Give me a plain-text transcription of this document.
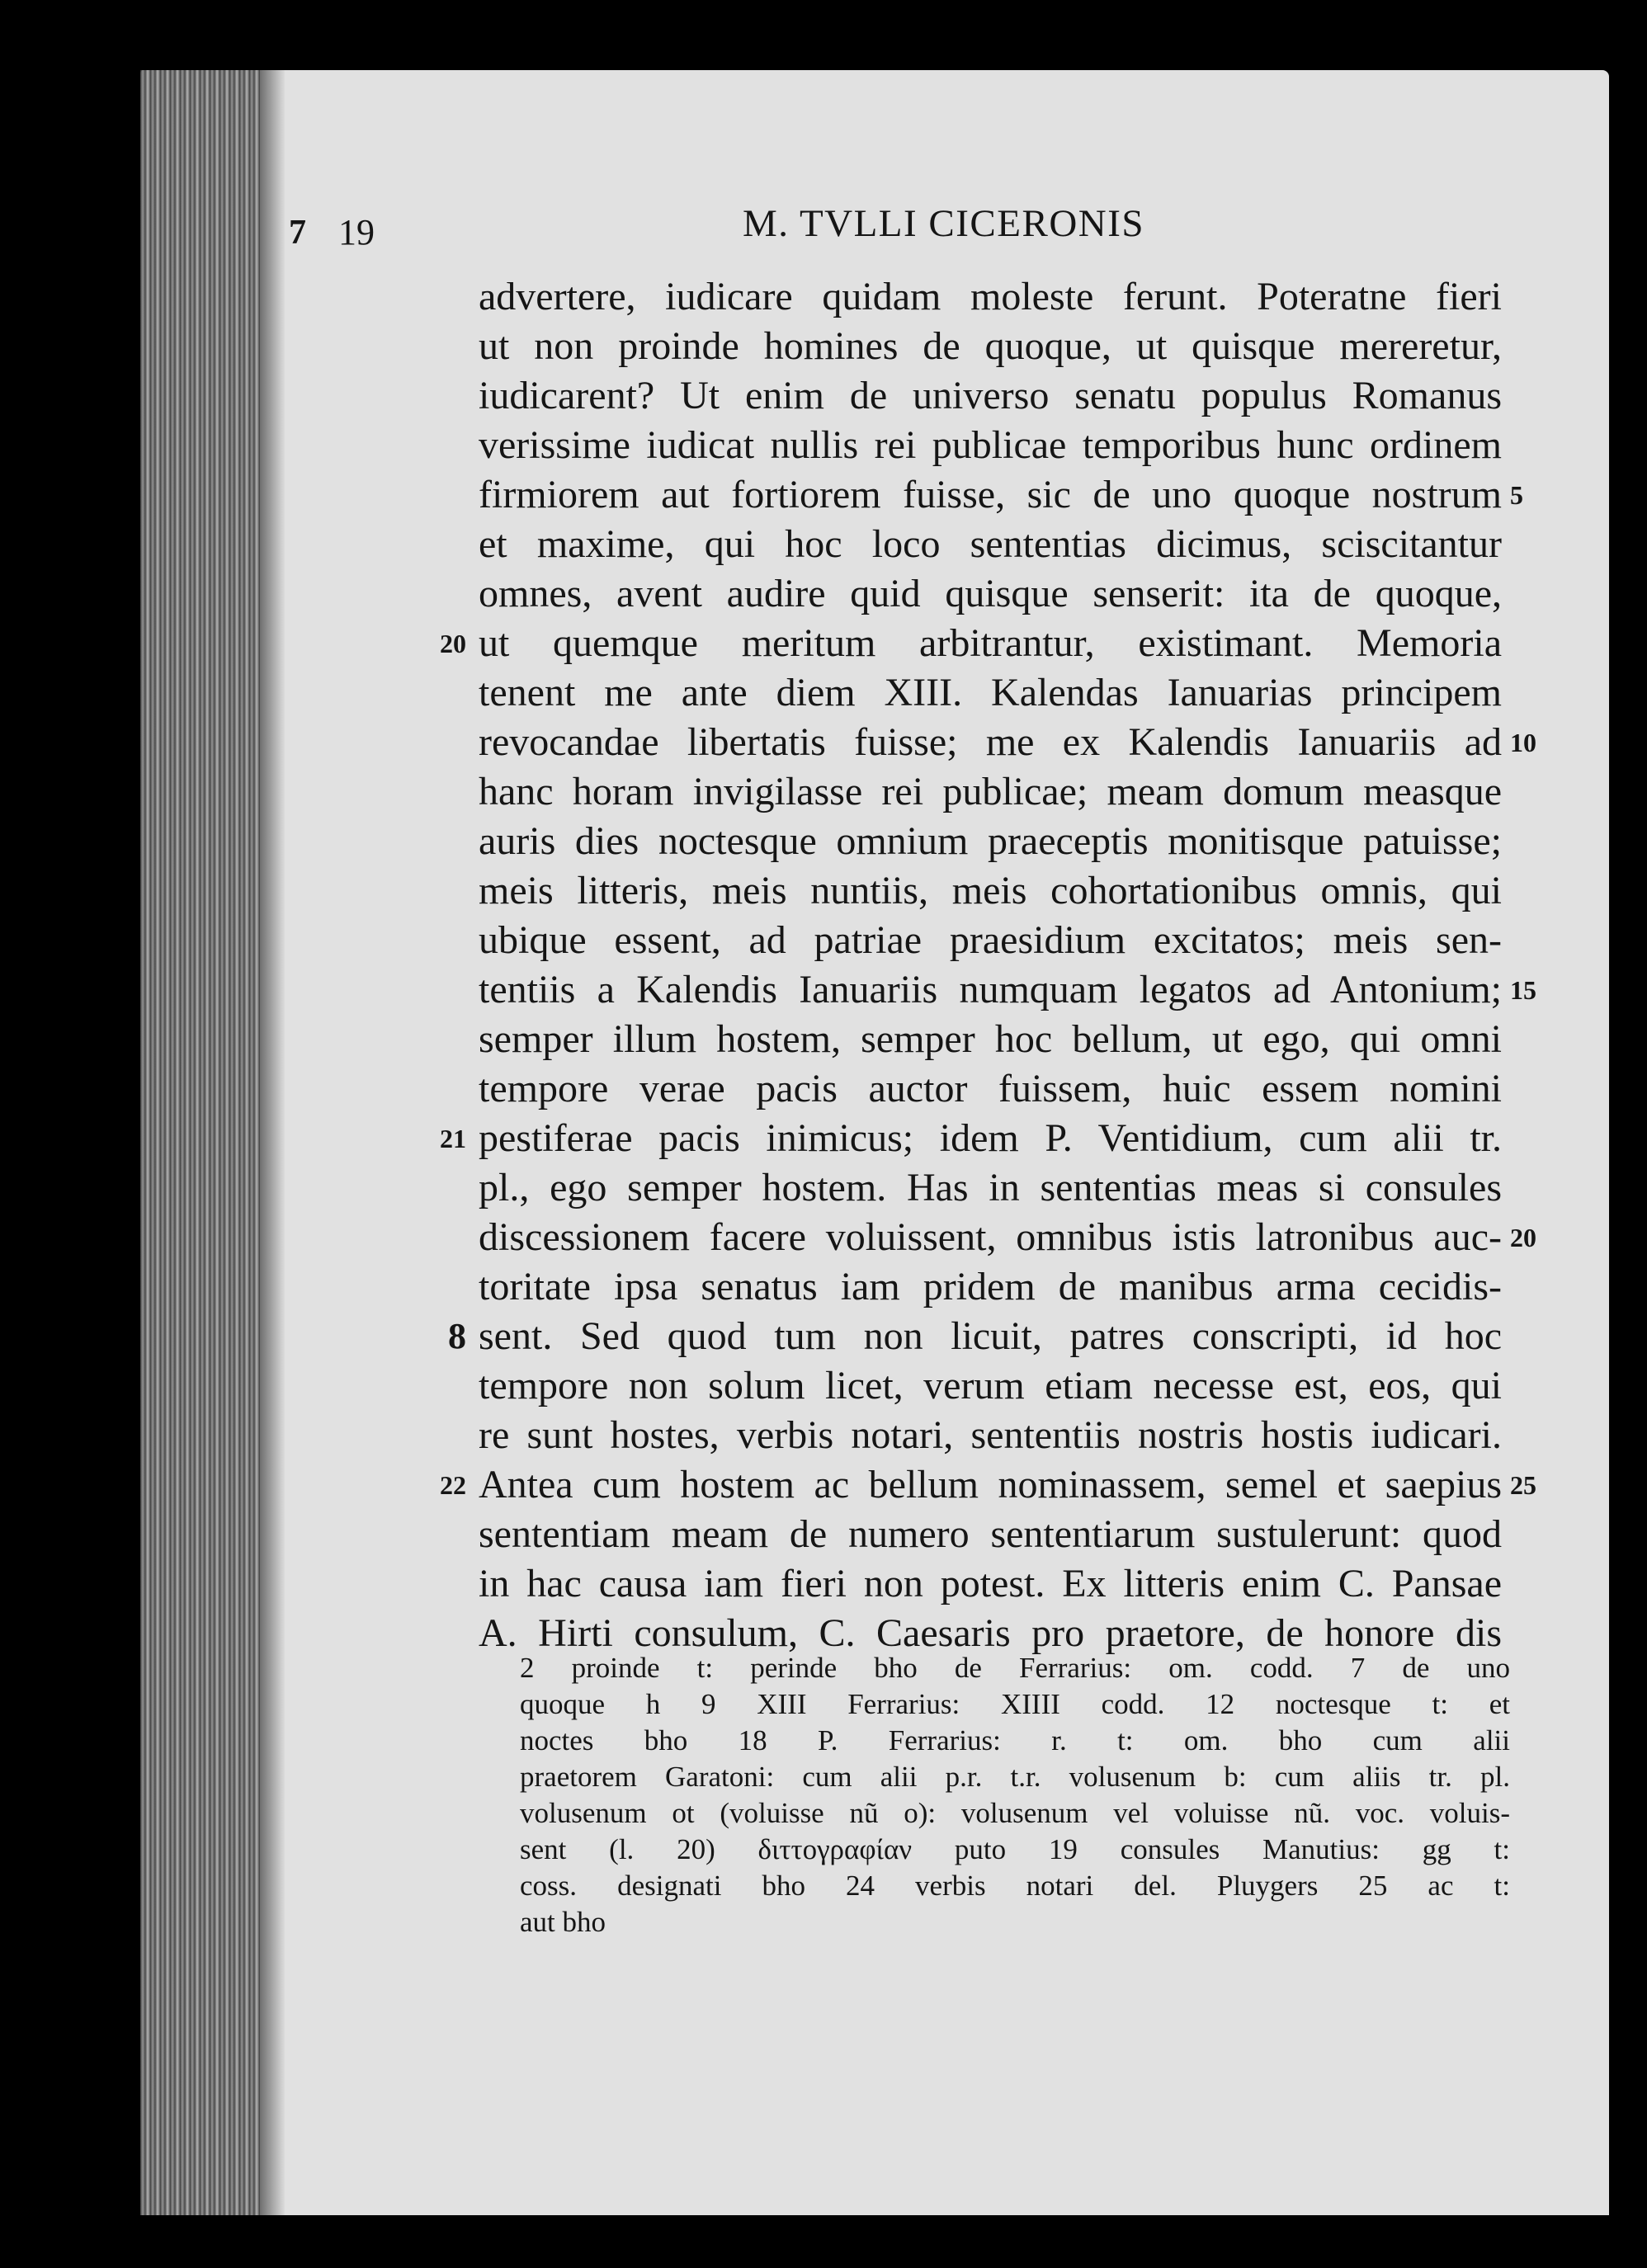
7 19	M. TVLLI CICERONIS
advertere, iudicare quidam moleste ferunt. Poteratne fieri
ut non proinde homines de quoque, ut quisque mereretur,
iudicarent? Ut enim de universo senatu populus Romanus
verissime iudicat nullis rei publicae temporibus hunc ordinem
firmiorem aut fortiorem fuisse, sic de uno quoque nostrum 5
et maxime, qui hoc loco sententias dicimus, sciscitantur
omnes, avent audire quid quisque senserit: ita de quoque,
ut quemque meritum arbitrantur, existimant. Memoria
20
tenent me ante diem XIII. Kalendas Ianuarias principem
revocandae libertatis fuisse; me ex Kalendis Ianuariis ad 10
hanc horam invigilasse rei publicae; meam domum measque
auris dies noctesque omnium praeceptis monitisque patuisse;
meis litteris, meis nuntiis, meis cohortationibus omnis, qui
ubique essent, ad patriae praesidium excitatos; meis sen-
tentiis a Kalendis Ianuariis numquam legatos ad Antonium; 15
semper illum hostem, semper hoc bellum, ut ego, qui omni
tempore verae pacis auctor fuissem, huic essem nomini
pestiferae pacis inimicus; idem P. Ventidium, cum alii tr.
21
pl., ego semper hostem. Has in sententias meas si consules
discessionem facere voluissent, omnibus istis latronibus auc- 20
toritate ipsa senatus iam pridem de manibus arma cecidis-
sent. Sed quod tum non licuit, patres conscripti, id hoc
8
tempore non solum licet, verum etiam necesse est, eos, qui
re sunt hostes, verbis notari, sententiis nostris hostis iudicari.
Antea cum hostem ac bellum nominassem, semel et saepius
22	25
sententiam meam de numero sententiarum sustulerunt: quod
in hac causa iam fieri non potest. Ex litteris enim C. Pansae
A. Hirti consulum, C. Caesaris pro praetore, de honore dis
2 proinde t: perinde bho de Ferrarius: om. codd. 7 de uno
quoque h 9 XIII Ferrarius: XIIII codd. 12 noctesque t: et
noctes bho 18 P. Ferrarius: r. t: om. bho cum alii
praetorem Garatoni: cum alii p.r. t.r. volusenum b: cum aliis tr. pl.
volusenum ot (voluisse nũ o): volusenum vel voluisse nũ. voc. voluis-
sent (l. 20) διττογραφίαν puto 19 consules Manutius: gg t:
coss. designati bho 24 verbis notari del. Pluygers 25 ac t:
aut bho
